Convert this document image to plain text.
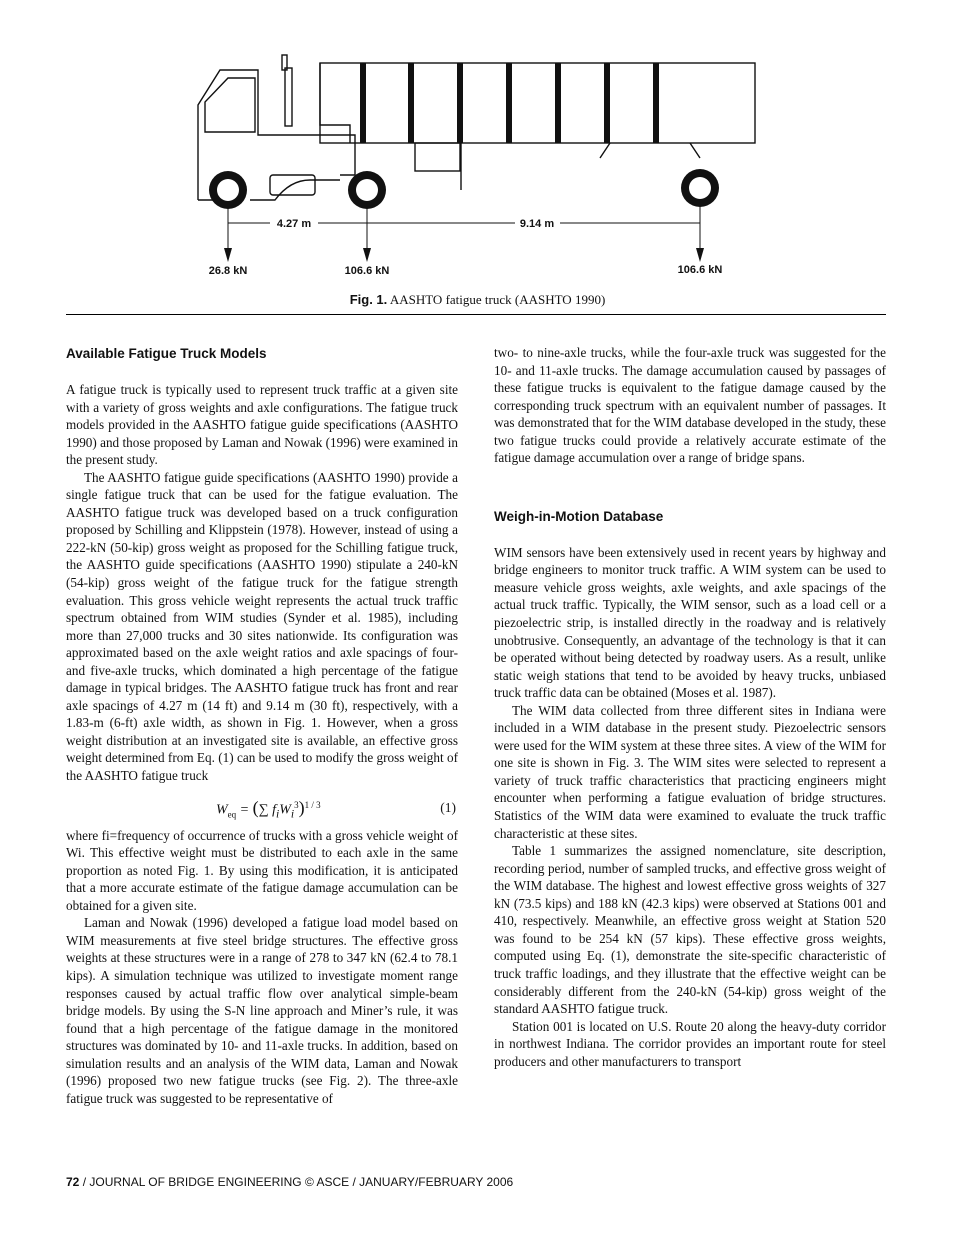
4.27 m	9.14 m
26.8 kN	106.6 kN	106.6 kN
Fig. 1. AASHTO fatigue truck (AASHTO 1990)
Available Fatigue Truck Models

A fatigue truck is typically used to represent truck traffic at a given site with a variety of gross weights and axle configurations. The fatigue truck models provided in the AASHTO fatigue guide specifications (AASHTO 1990) and those proposed by Laman and Nowak (1996) were examined in the present study.

The AASHTO fatigue guide specifications (AASHTO 1990) provide a single fatigue truck that can be used for the fatigue evaluation. The AASHTO fatigue truck was developed based on a truck configuration proposed by Schilling and Klippstein (1978). However, instead of using a 222-kN (50-kip) gross weight as proposed for the Schilling fatigue truck, the AASHTO guide specifications (AASHTO 1990) stipulate a 240-kN (54-kip) gross weight of the fatigue truck for the fatigue strength evaluation. This gross vehicle weight represents the actual truck traffic spectrum obtained from WIM studies (Synder et al. 1985), including more than 27,000 trucks and 30 sites nationwide. Its configuration was approximated based on the axle weight ratios and axle spacings of four- and five-axle trucks, which dominated a high percentage of the fatigue damage in typical bridges. The AASHTO fatigue truck has front and rear axle spacings of 4.27 m (14 ft) and 9.14 m (30 ft), respectively, with a 1.83-m (6-ft) axle width, as shown in Fig. 1. However, when a gross weight distribution at an investigated site is available, an effective gross weight determined from Eq. (1) can be used to modify the gross weight of the AASHTO fatigue truck

$W_{eq}$ = (∑ $f_iW_i^3)^{1 / 3}$	(1)

where fi=frequency of occurrence of trucks with a gross vehicle weight of Wi. This effective weight must be distributed to each axle in the same proportion as noted Fig. 1. By using this modification, it is anticipated that a more accurate estimate of the fatigue damage accumulation can be obtained for a given site.

Laman and Nowak (1996) developed a fatigue load model based on WIM measurements at five steel bridge structures. The effective gross weights at these structures were in a range of 278 to 347 kN (62.4 to 78.1 kips). A simulation technique was utilized to investigate moment range responses caused by actual traffic flow over analytical simple-beam bridge models. By using the S-N line approach and Miner’s rule, it was found that a high percentage of the fatigue damage in the monitored structures was dominated by 10- and 11-axle trucks. In addition, based on simulation results and an analysis of the WIM data, Laman and Nowak (1996) proposed two new fatigue trucks (see Fig. 2). The three-axle fatigue truck was suggested to be representative of

two- to nine-axle trucks, while the four-axle truck was suggested for the 10- and 11-axle trucks. The damage accumulation caused by passages of these fatigue trucks is equivalent to the fatigue damage caused by the corresponding truck spectrum with an equivalent number of passages. It was demonstrated that for the WIM database developed in the study, these two fatigue trucks could provide a relatively accurate estimate of the fatigue damage accumulation over a range of bridge spans.

Weigh-in-Motion Database

WIM sensors have been extensively used in recent years by highway and bridge engineers to monitor truck traffic. A WIM system can be used to measure vehicle gross weights, axle weights, and axle spacings of the actual truck traffic. Typically, the WIM sensor, such as a load cell or a piezoelectric strip, is installed directly in the roadway and is relatively unobtrusive. Consequently, an advantage of the technology is that it can be operated without being detected by roadway users. As a result, unlike static weigh stations that tend to be avoided by heavy trucks, unbiased truck traffic data can be obtained (Moses et al. 1987).

The WIM data collected from three different sites in Indiana were included in a WIM database in the present study. Piezoelectric sensors were used for the WIM system at these three sites. A view of the WIM for one site is shown in Fig. 3. The WIM sites were selected to represent a variety of truck traffic characteristics that practicing engineers might encounter when performing a fatigue evaluation of bridge structures. Statistics of the WIM data were examined to evaluate the truck traffic characteristic at these sites.

Table 1 summarizes the assigned nomenclature, site description, recording period, number of sampled trucks, and effective gross weight of the WIM database. The highest and lowest effective gross weights of 327 kN (73.5 kips) and 188 kN (42.3 kips) were observed at Stations 001 and 410, respectively. Meanwhile, an effective gross weight at Station 520 was found to be 254 kN (57 kips). These effective gross weights, computed using Eq. (1), demonstrate the site-specific characteristic of truck traffic loadings, and they illustrate that the effective weight can be considerably different from the 240-kN (54-kip) gross weight of the standard AASHTO fatigue truck.

Station 001 is located on U.S. Route 20 along the heavy-duty corridor in northwest Indiana. The corridor provides an important route for steel producers and other manufacturers to transport

72 / JOURNAL OF BRIDGE ENGINEERING © ASCE / JANUARY/FEBRUARY 2006
